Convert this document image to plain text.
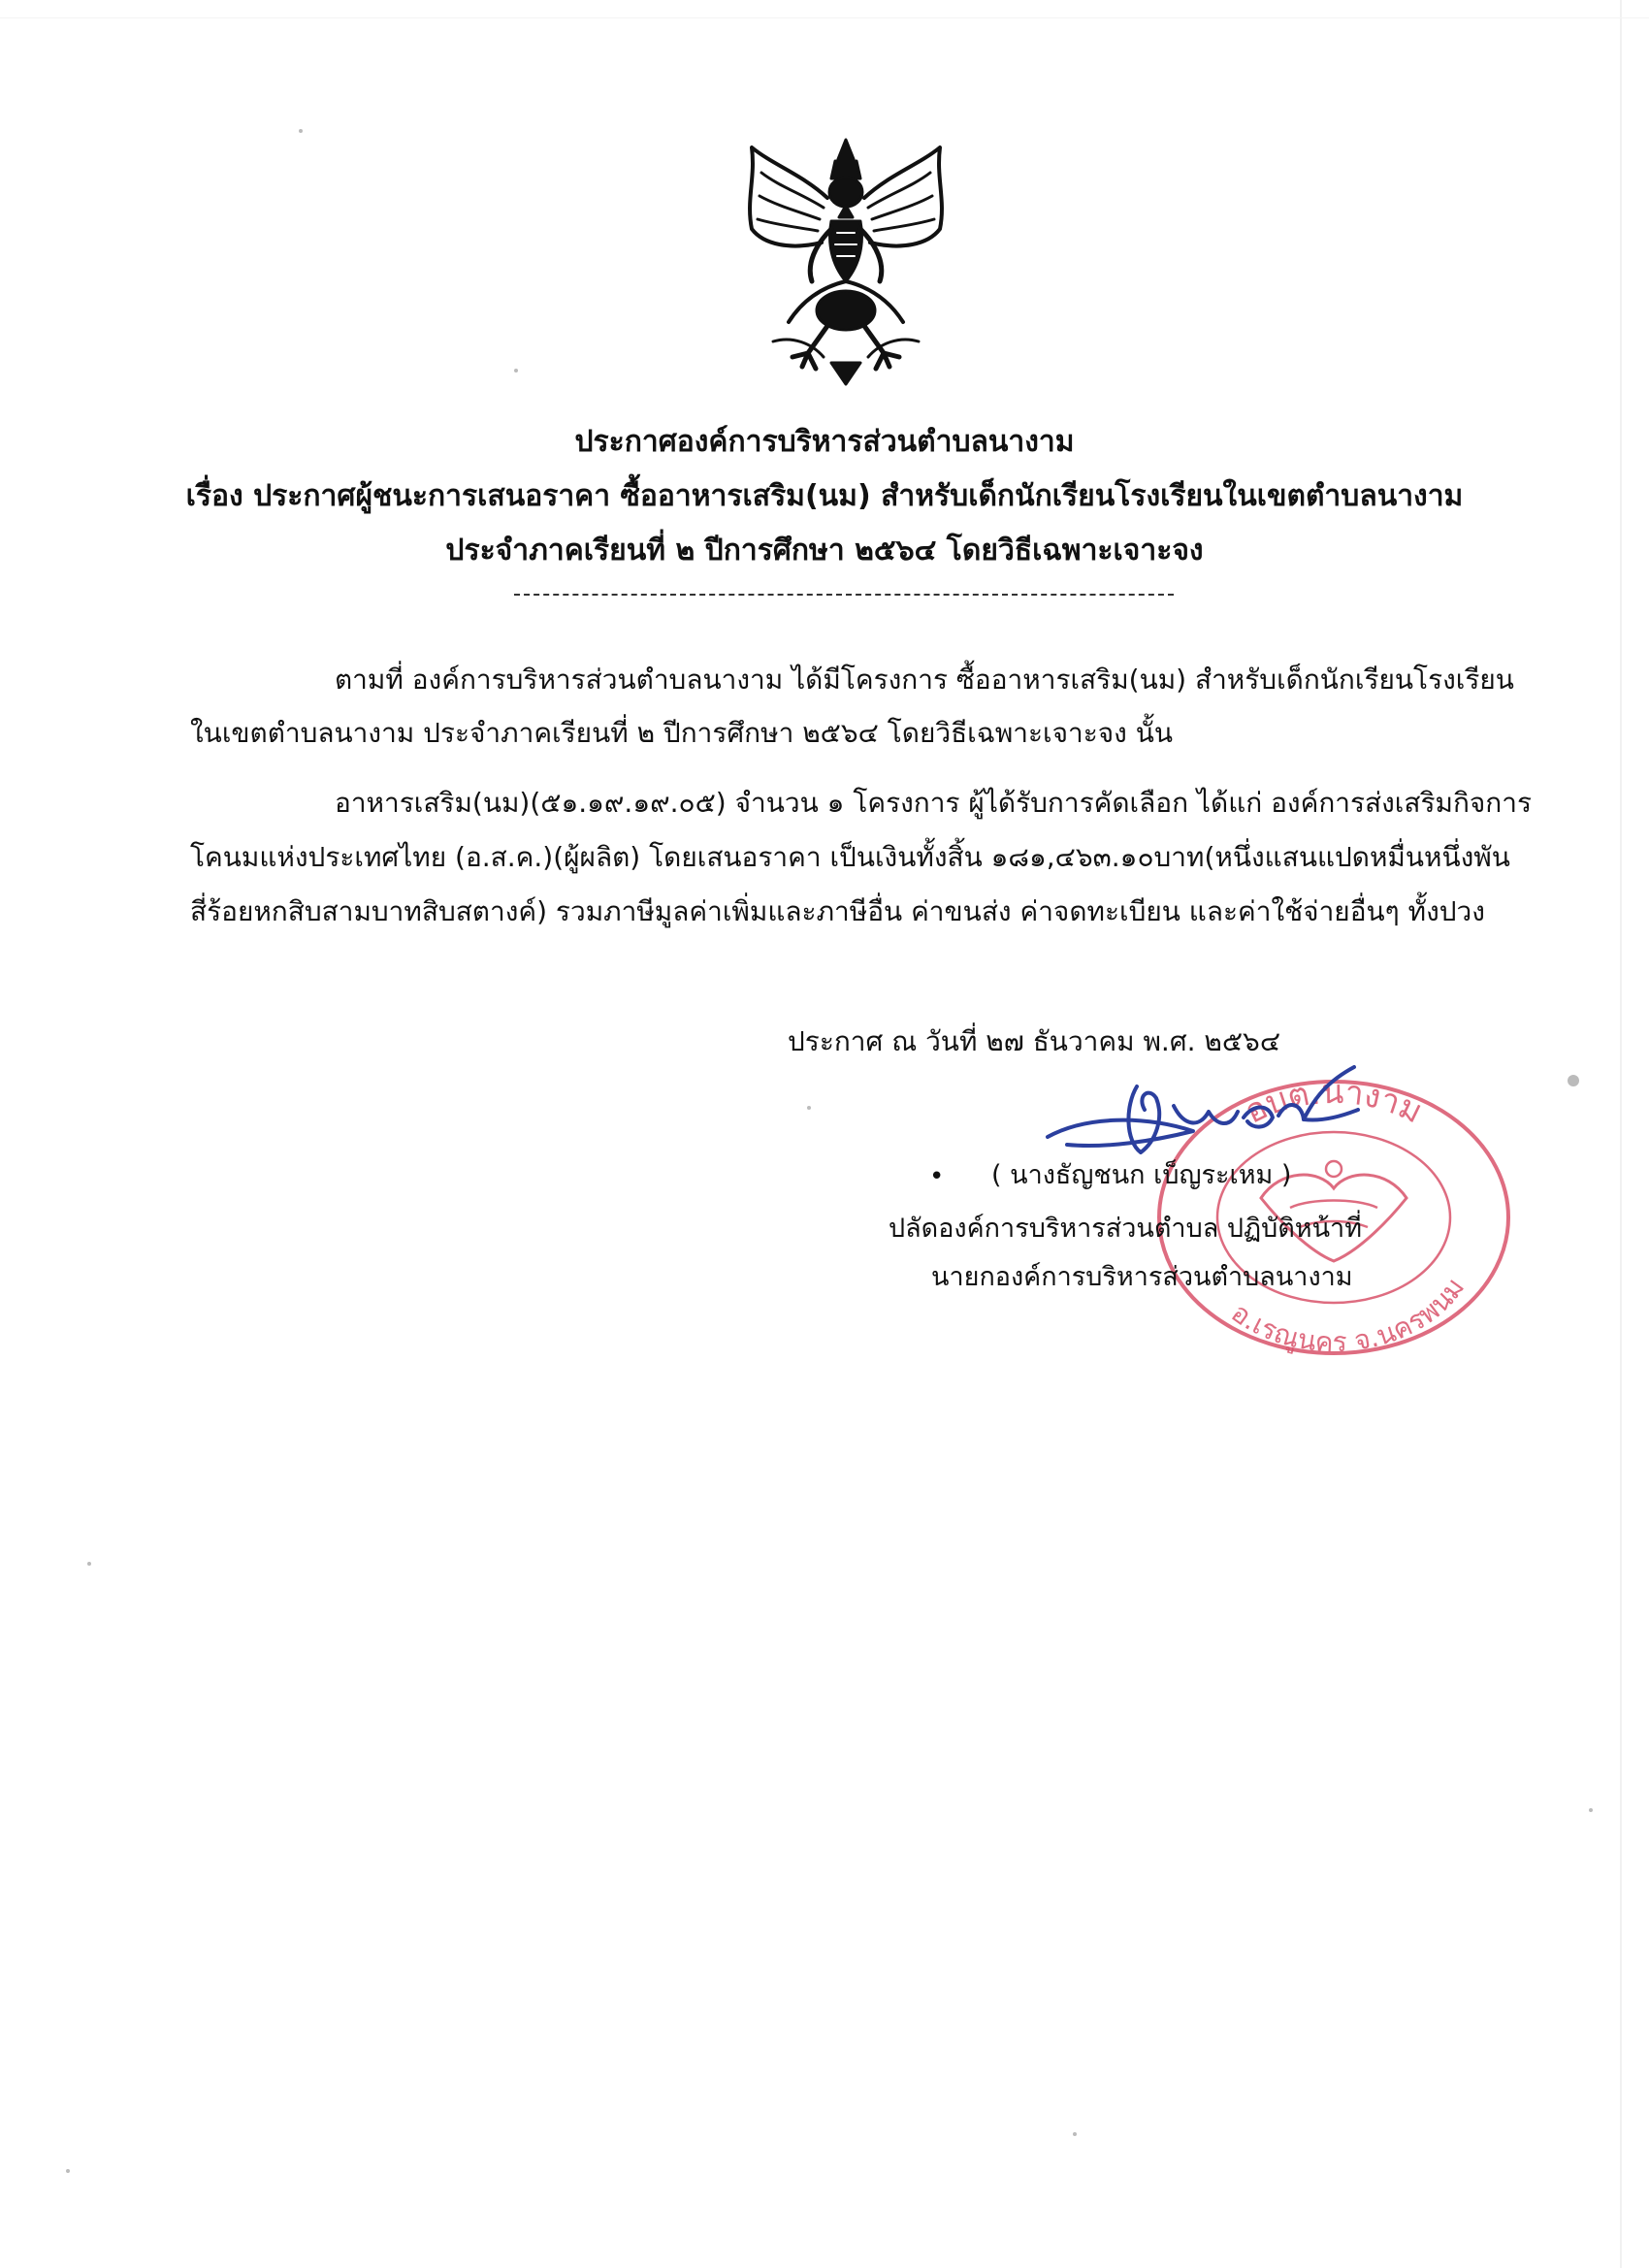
ประกาศองค์การบริหารส่วนตำบลนางาม
เรื่อง ประกาศผู้ชนะการเสนอราคา ซื้ออาหารเสริม(นม) สำหรับเด็กนักเรียนโรงเรียนในเขตตำบลนางาม
ประจำภาคเรียนที่ ๒ ปีการศึกษา ๒๕๖๔ โดยวิธีเฉพาะเจาะจง
ตามที่ องค์การบริหารส่วนตำบลนางาม ได้มีโครงการ ซื้ออาหารเสริม(นม) สำหรับเด็กนักเรียนโรงเรียน
ในเขตตำบลนางาม ประจำภาคเรียนที่ ๒ ปีการศึกษา ๒๕๖๔ โดยวิธีเฉพาะเจาะจง นั้น
อาหารเสริม(นม)(๕๑.๑๙.๑๙.๐๕) จำนวน ๑ โครงการ ผู้ได้รับการคัดเลือก ได้แก่ องค์การส่งเสริมกิจการ
โคนมแห่งประเทศไทย (อ.ส.ค.)(ผู้ผลิต) โดยเสนอราคา เป็นเงินทั้งสิ้น ๑๘๑,๔๖๓.๑๐บาท(หนึ่งแสนแปดหมื่นหนึ่งพัน
สี่ร้อยหกสิบสามบาทสิบสตางค์) รวมภาษีมูลค่าเพิ่มและภาษีอื่น ค่าขนส่ง ค่าจดทะเบียน และค่าใช้จ่ายอื่นๆ ทั้งปวง
ประกาศ ณ วันที่ ๒๗ ธันวาคม พ.ศ. ๒๕๖๔
อบต.นางาม
อ.เรณูนคร จ.นครพนม
• ( นางธัญชนก เบ็ญระเหม )
ปลัดองค์การบริหารส่วนตำบล ปฏิบัติหน้าที่
นายกองค์การบริหารส่วนตำบลนางาม
